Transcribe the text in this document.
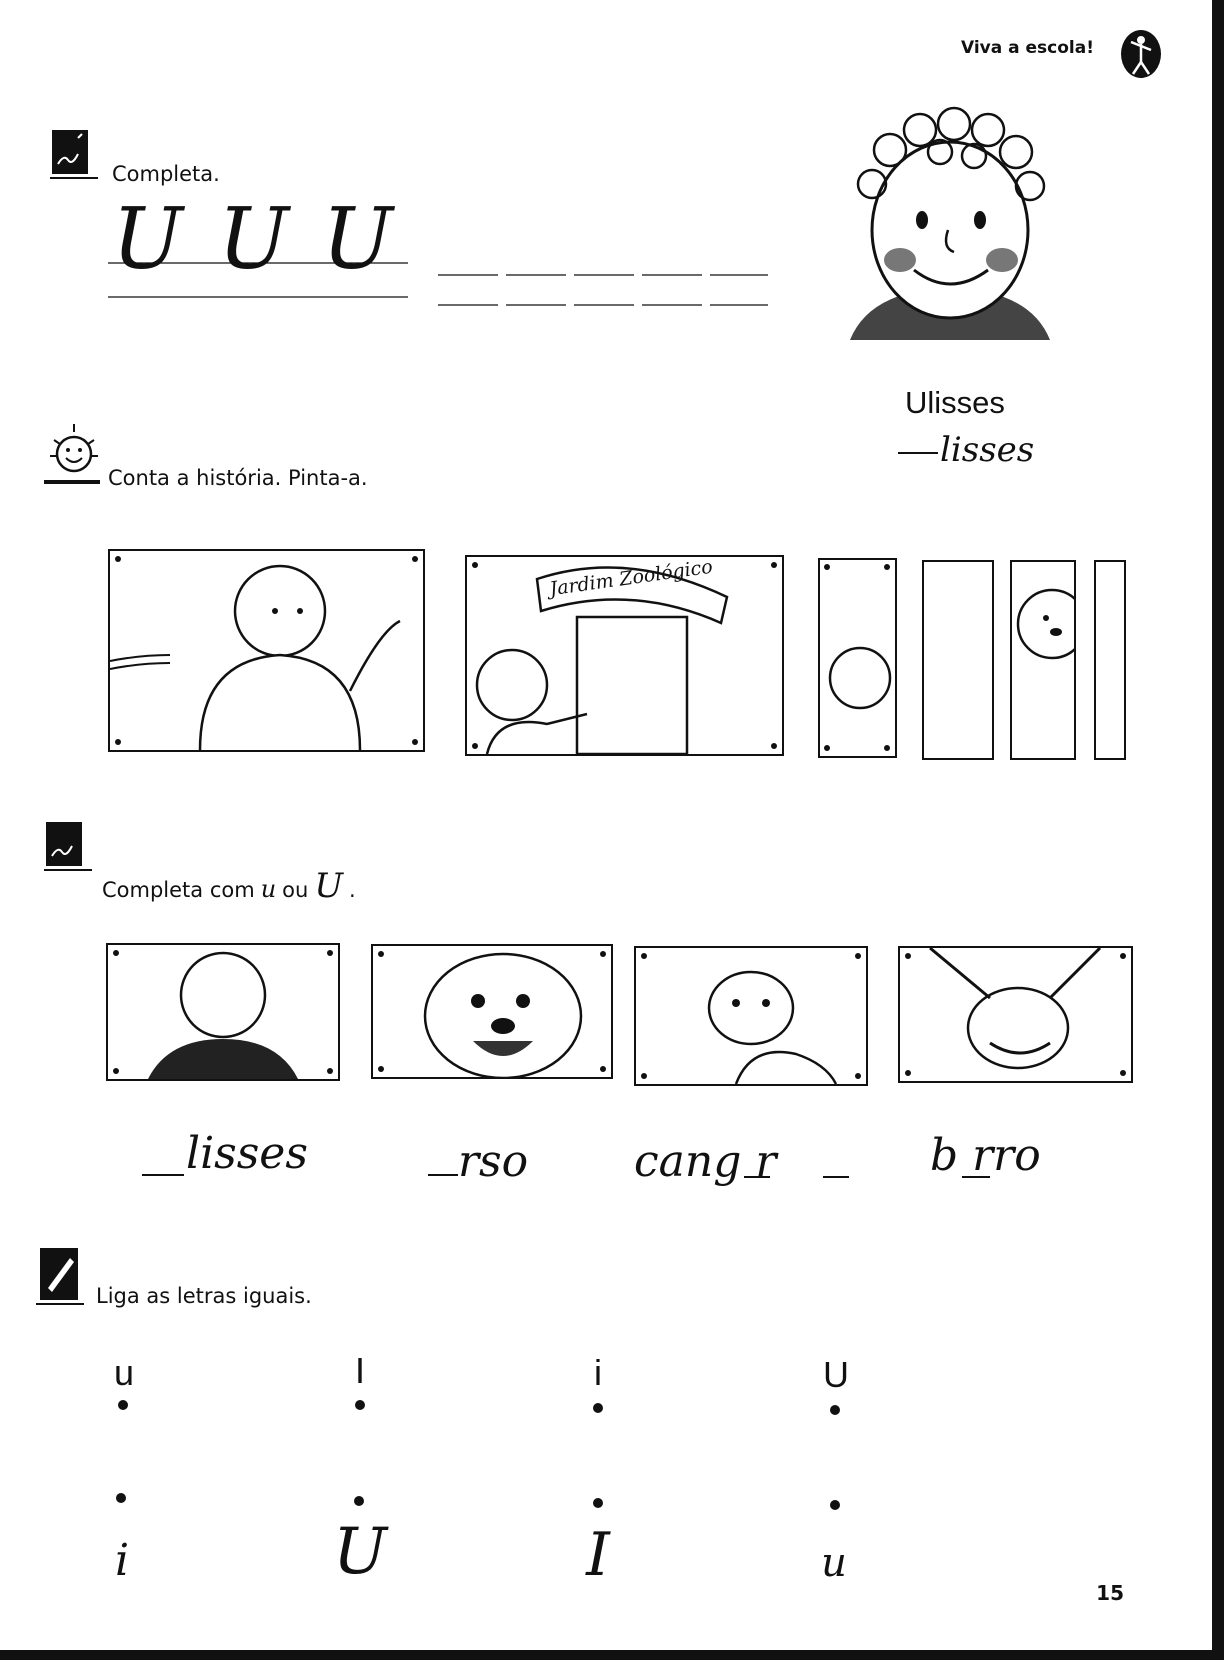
Viva a escola!
Completa.
U U U
Ulisses
lisses
Conta a história. Pinta-a.
Jardim Zoológico
Completa com u ou U .
lisses	rso cang r	b rro
Liga as letras iguais.
u	I	i	U
i	U	I	u
15
